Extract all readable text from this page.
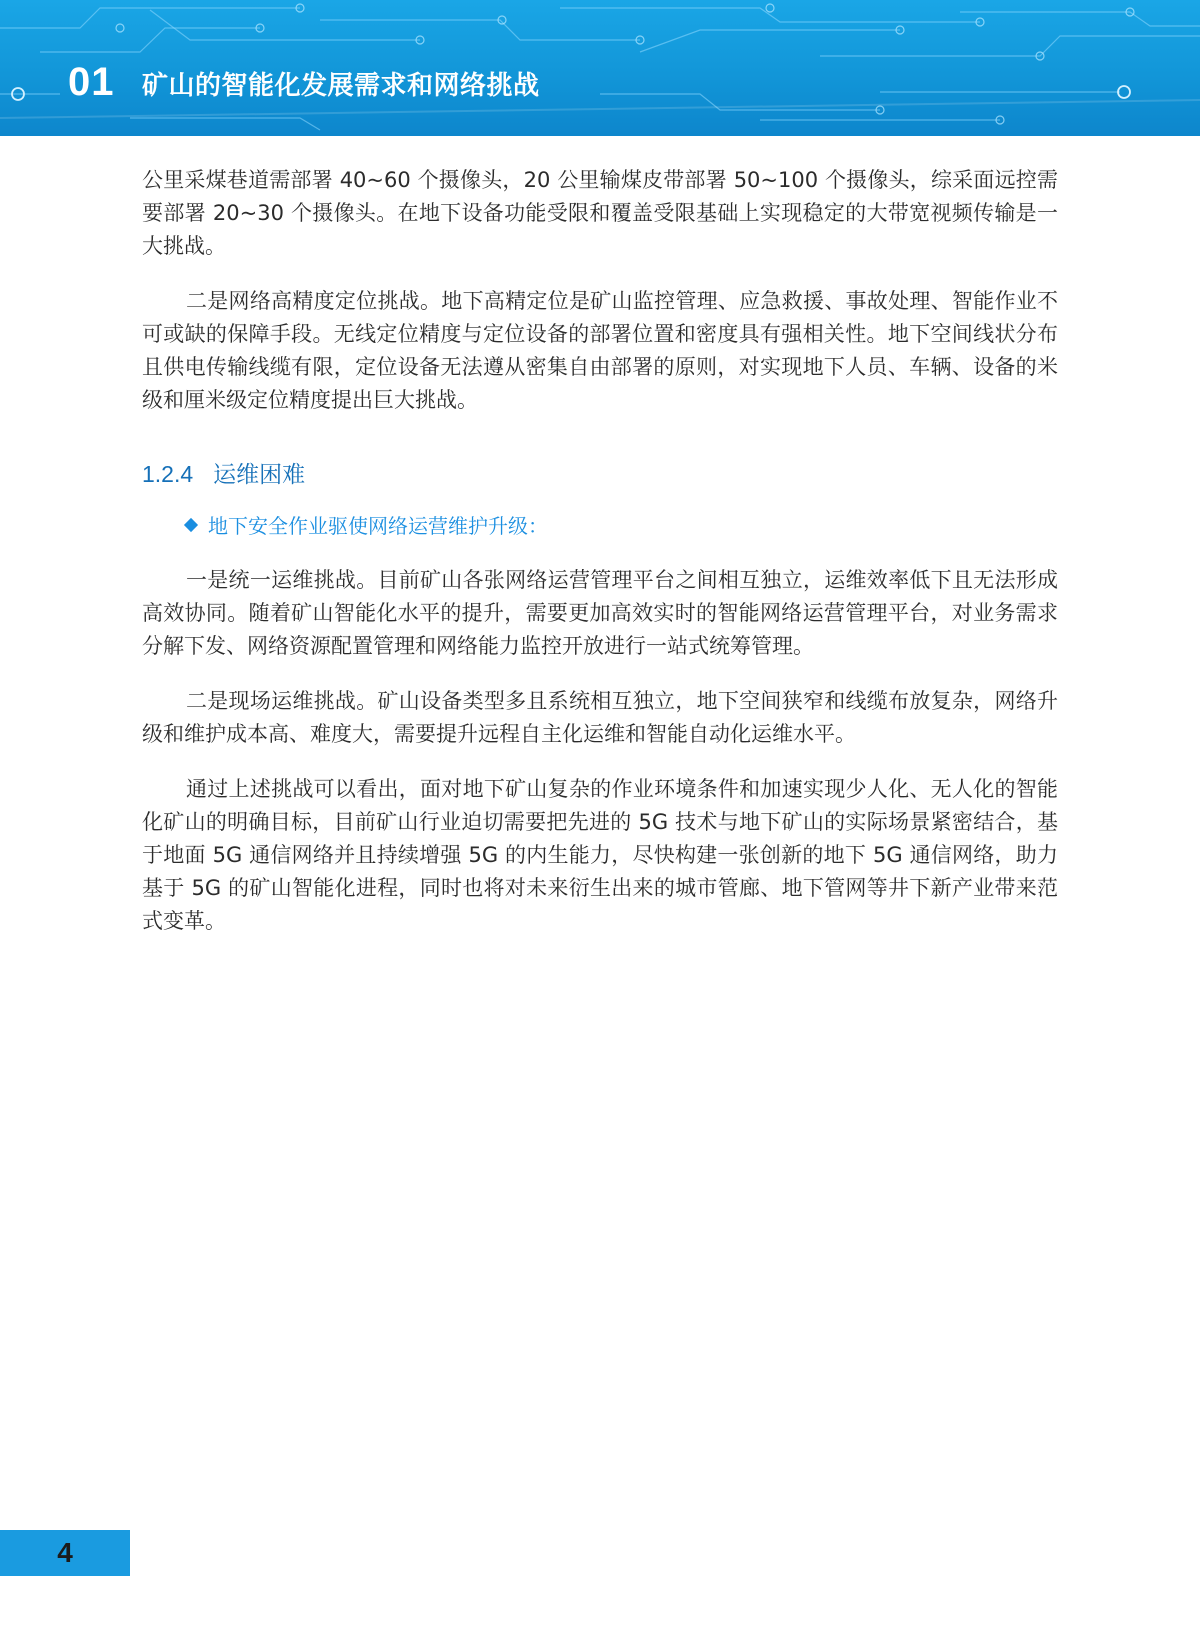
01 矿山的智能化发展需求和网络挑战

公里采煤巷道需部署 40~60 个摄像头，20 公里输煤皮带部署 50~100 个摄像头，综采面远控需要部署 20~30 个摄像头。在地下设备功能受限和覆盖受限基础上实现稳定的大带宽视频传输是一大挑战。

二是网络高精度定位挑战。地下高精定位是矿山监控管理、应急救援、事故处理、智能作业不可或缺的保障手段。无线定位精度与定位设备的部署位置和密度具有强相关性。地下空间线状分布且供电传输线缆有限，定位设备无法遵从密集自由部署的原则，对实现地下人员、车辆、设备的米级和厘米级定位精度提出巨大挑战。

1.2.4 运维困难
地下安全作业驱使网络运营维护升级：

一是统一运维挑战。目前矿山各张网络运营管理平台之间相互独立，运维效率低下且无法形成高效协同。随着矿山智能化水平的提升，需要更加高效实时的智能网络运营管理平台，对业务需求分解下发、网络资源配置管理和网络能力监控开放进行一站式统筹管理。

二是现场运维挑战。矿山设备类型多且系统相互独立，地下空间狭窄和线缆布放复杂，网络升级和维护成本高、难度大，需要提升远程自主化运维和智能自动化运维水平。

通过上述挑战可以看出，面对地下矿山复杂的作业环境条件和加速实现少人化、无人化的智能化矿山的明确目标，目前矿山行业迫切需要把先进的 5G 技术与地下矿山的实际场景紧密结合，基于地面 5G 通信网络并且持续增强 5G 的内生能力，尽快构建一张创新的地下 5G 通信网络，助力基于 5G 的矿山智能化进程，同时也将对未来衍生出来的城市管廊、地下管网等井下新产业带来范式变革。

4
